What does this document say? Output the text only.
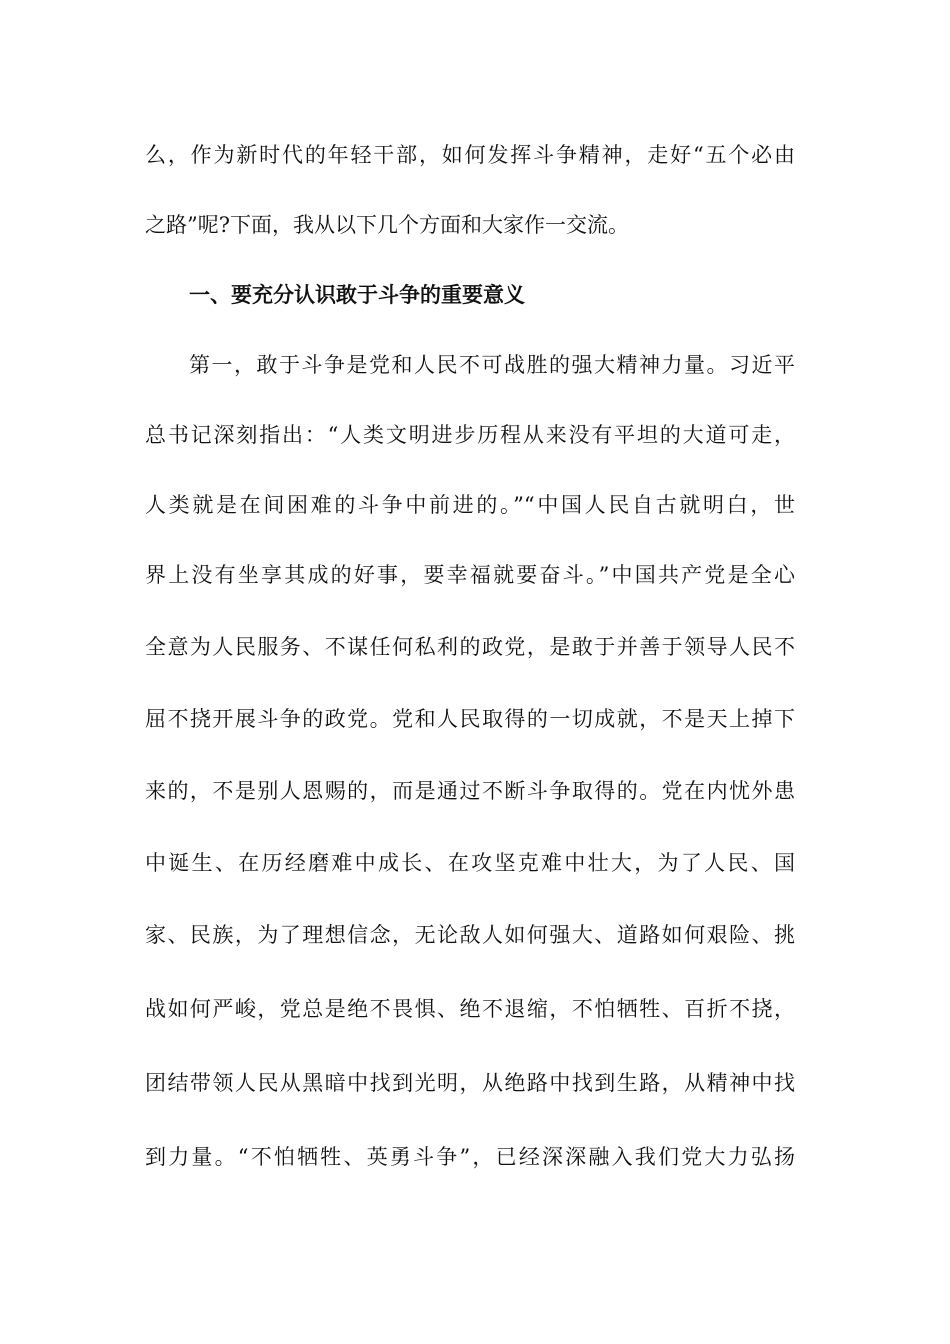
么，作为新时代的年轻干部，如何发挥斗争精神，走好“五个必由
之路”呢?下面，我从以下几个方面和大家作一交流。
一、要充分认识敢于斗争的重要意义
第一，敢于斗争是党和人民不可战胜的强大精神力量。习近平
总书记深刻指出：“人类文明进步历程从来没有平坦的大道可走，
人类就是在间困难的斗争中前进的。”“中国人民自古就明白，世
界上没有坐享其成的好事，要幸福就要奋斗。”中国共产党是全心
全意为人民服务、不谋任何私利的政党，是敢于并善于领导人民不
屈不挠开展斗争的政党。党和人民取得的一切成就，不是天上掉下
来的，不是别人恩赐的，而是通过不断斗争取得的。党在内忧外患
中诞生、在历经磨难中成长、在攻坚克难中壮大，为了人民、国
家、民族，为了理想信念，无论敌人如何强大、道路如何艰险、挑
战如何严峻，党总是绝不畏惧、绝不退缩，不怕牺牲、百折不挠，
团结带领人民从黑暗中找到光明，从绝路中找到生路，从精神中找
到力量。“不怕牺牲、英勇斗争”，已经深深融入我们党大力弘扬
